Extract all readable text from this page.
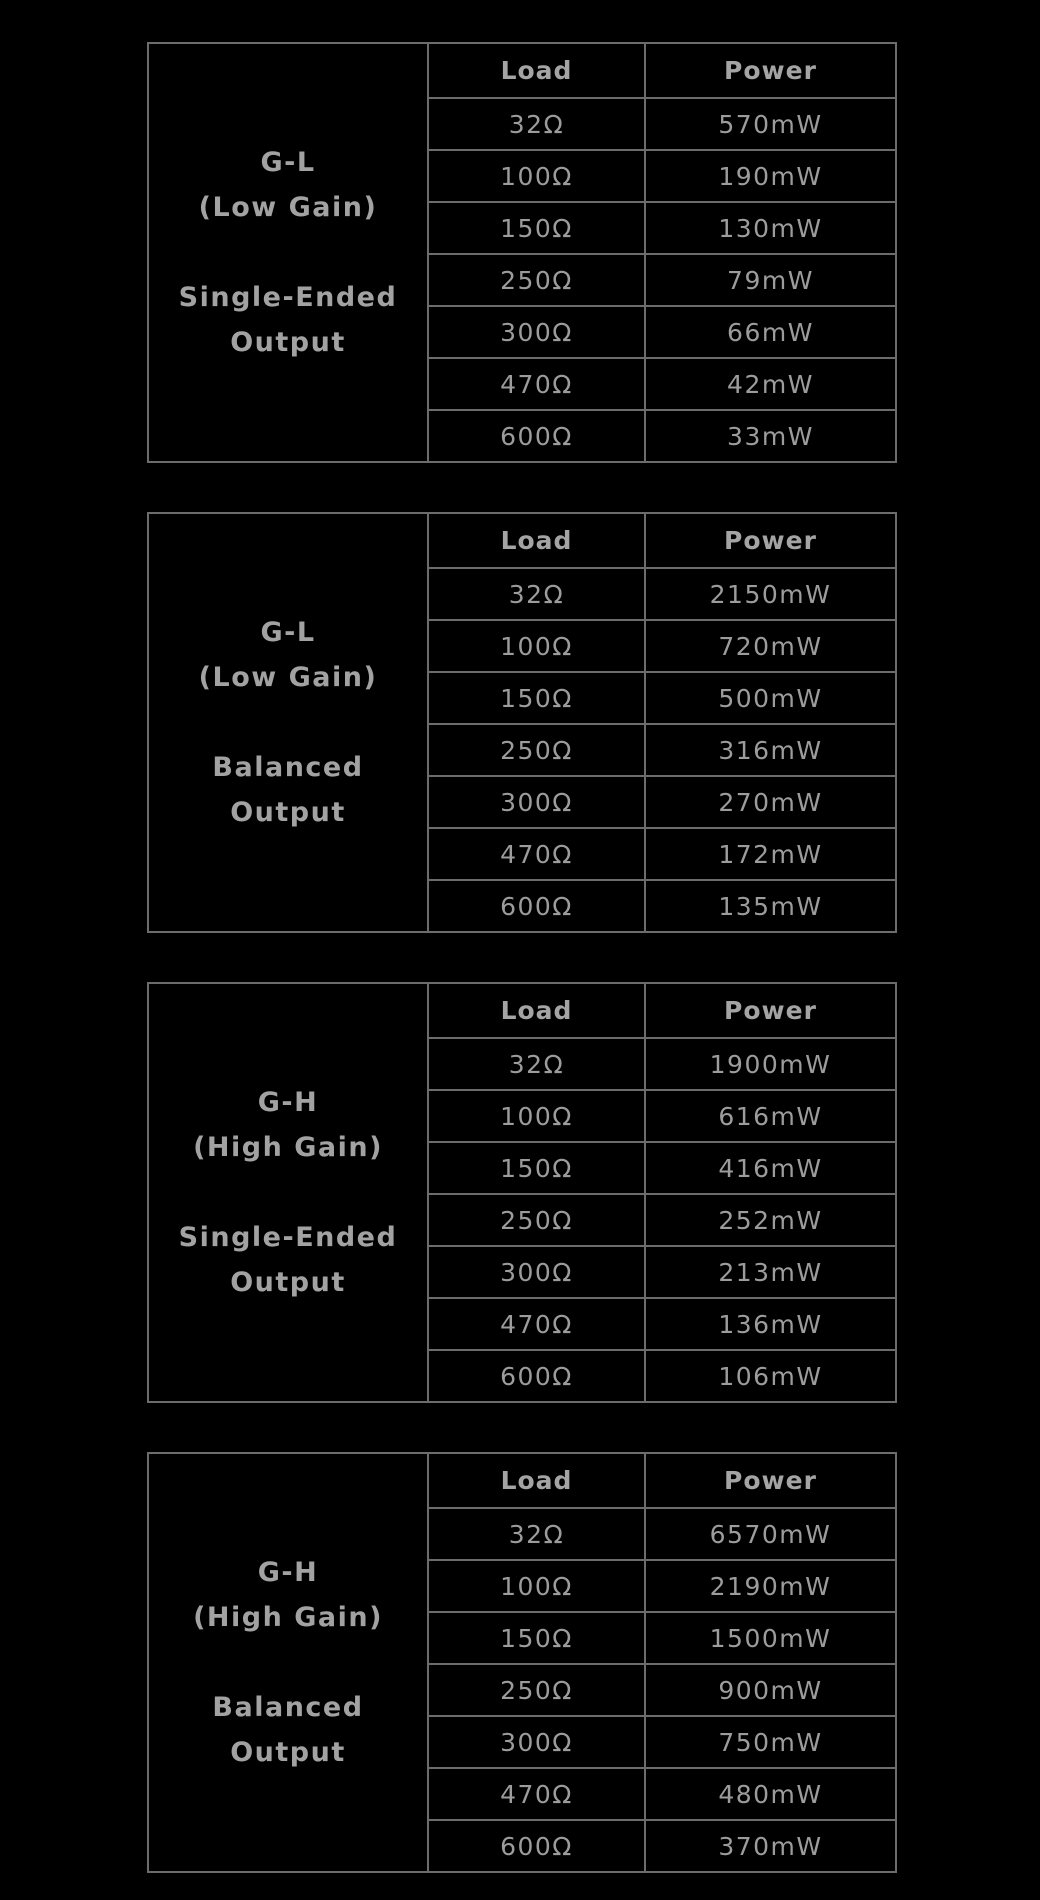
G-L
(Low Gain)
Single-Ended
Output	Load	Power
	32Ω	570mW
	100Ω	190mW
	150Ω	130mW
	250Ω	79mW
	300Ω	66mW
	470Ω	42mW
	600Ω	33mW
G-L
(Low Gain)
Balanced
Output	Load	Power
	32Ω	2150mW
	100Ω	720mW
	150Ω	500mW
	250Ω	316mW
	300Ω	270mW
	470Ω	172mW
	600Ω	135mW
G-H
(High Gain)
Single-Ended
Output	Load	Power
	32Ω	1900mW
	100Ω	616mW
	150Ω	416mW
	250Ω	252mW
	300Ω	213mW
	470Ω	136mW
	600Ω	106mW
G-H
(High Gain)
Balanced
Output	Load	Power
	32Ω	6570mW
	100Ω	2190mW
	150Ω	1500mW
	250Ω	900mW
	300Ω	750mW
	470Ω	480mW
	600Ω	370mW
